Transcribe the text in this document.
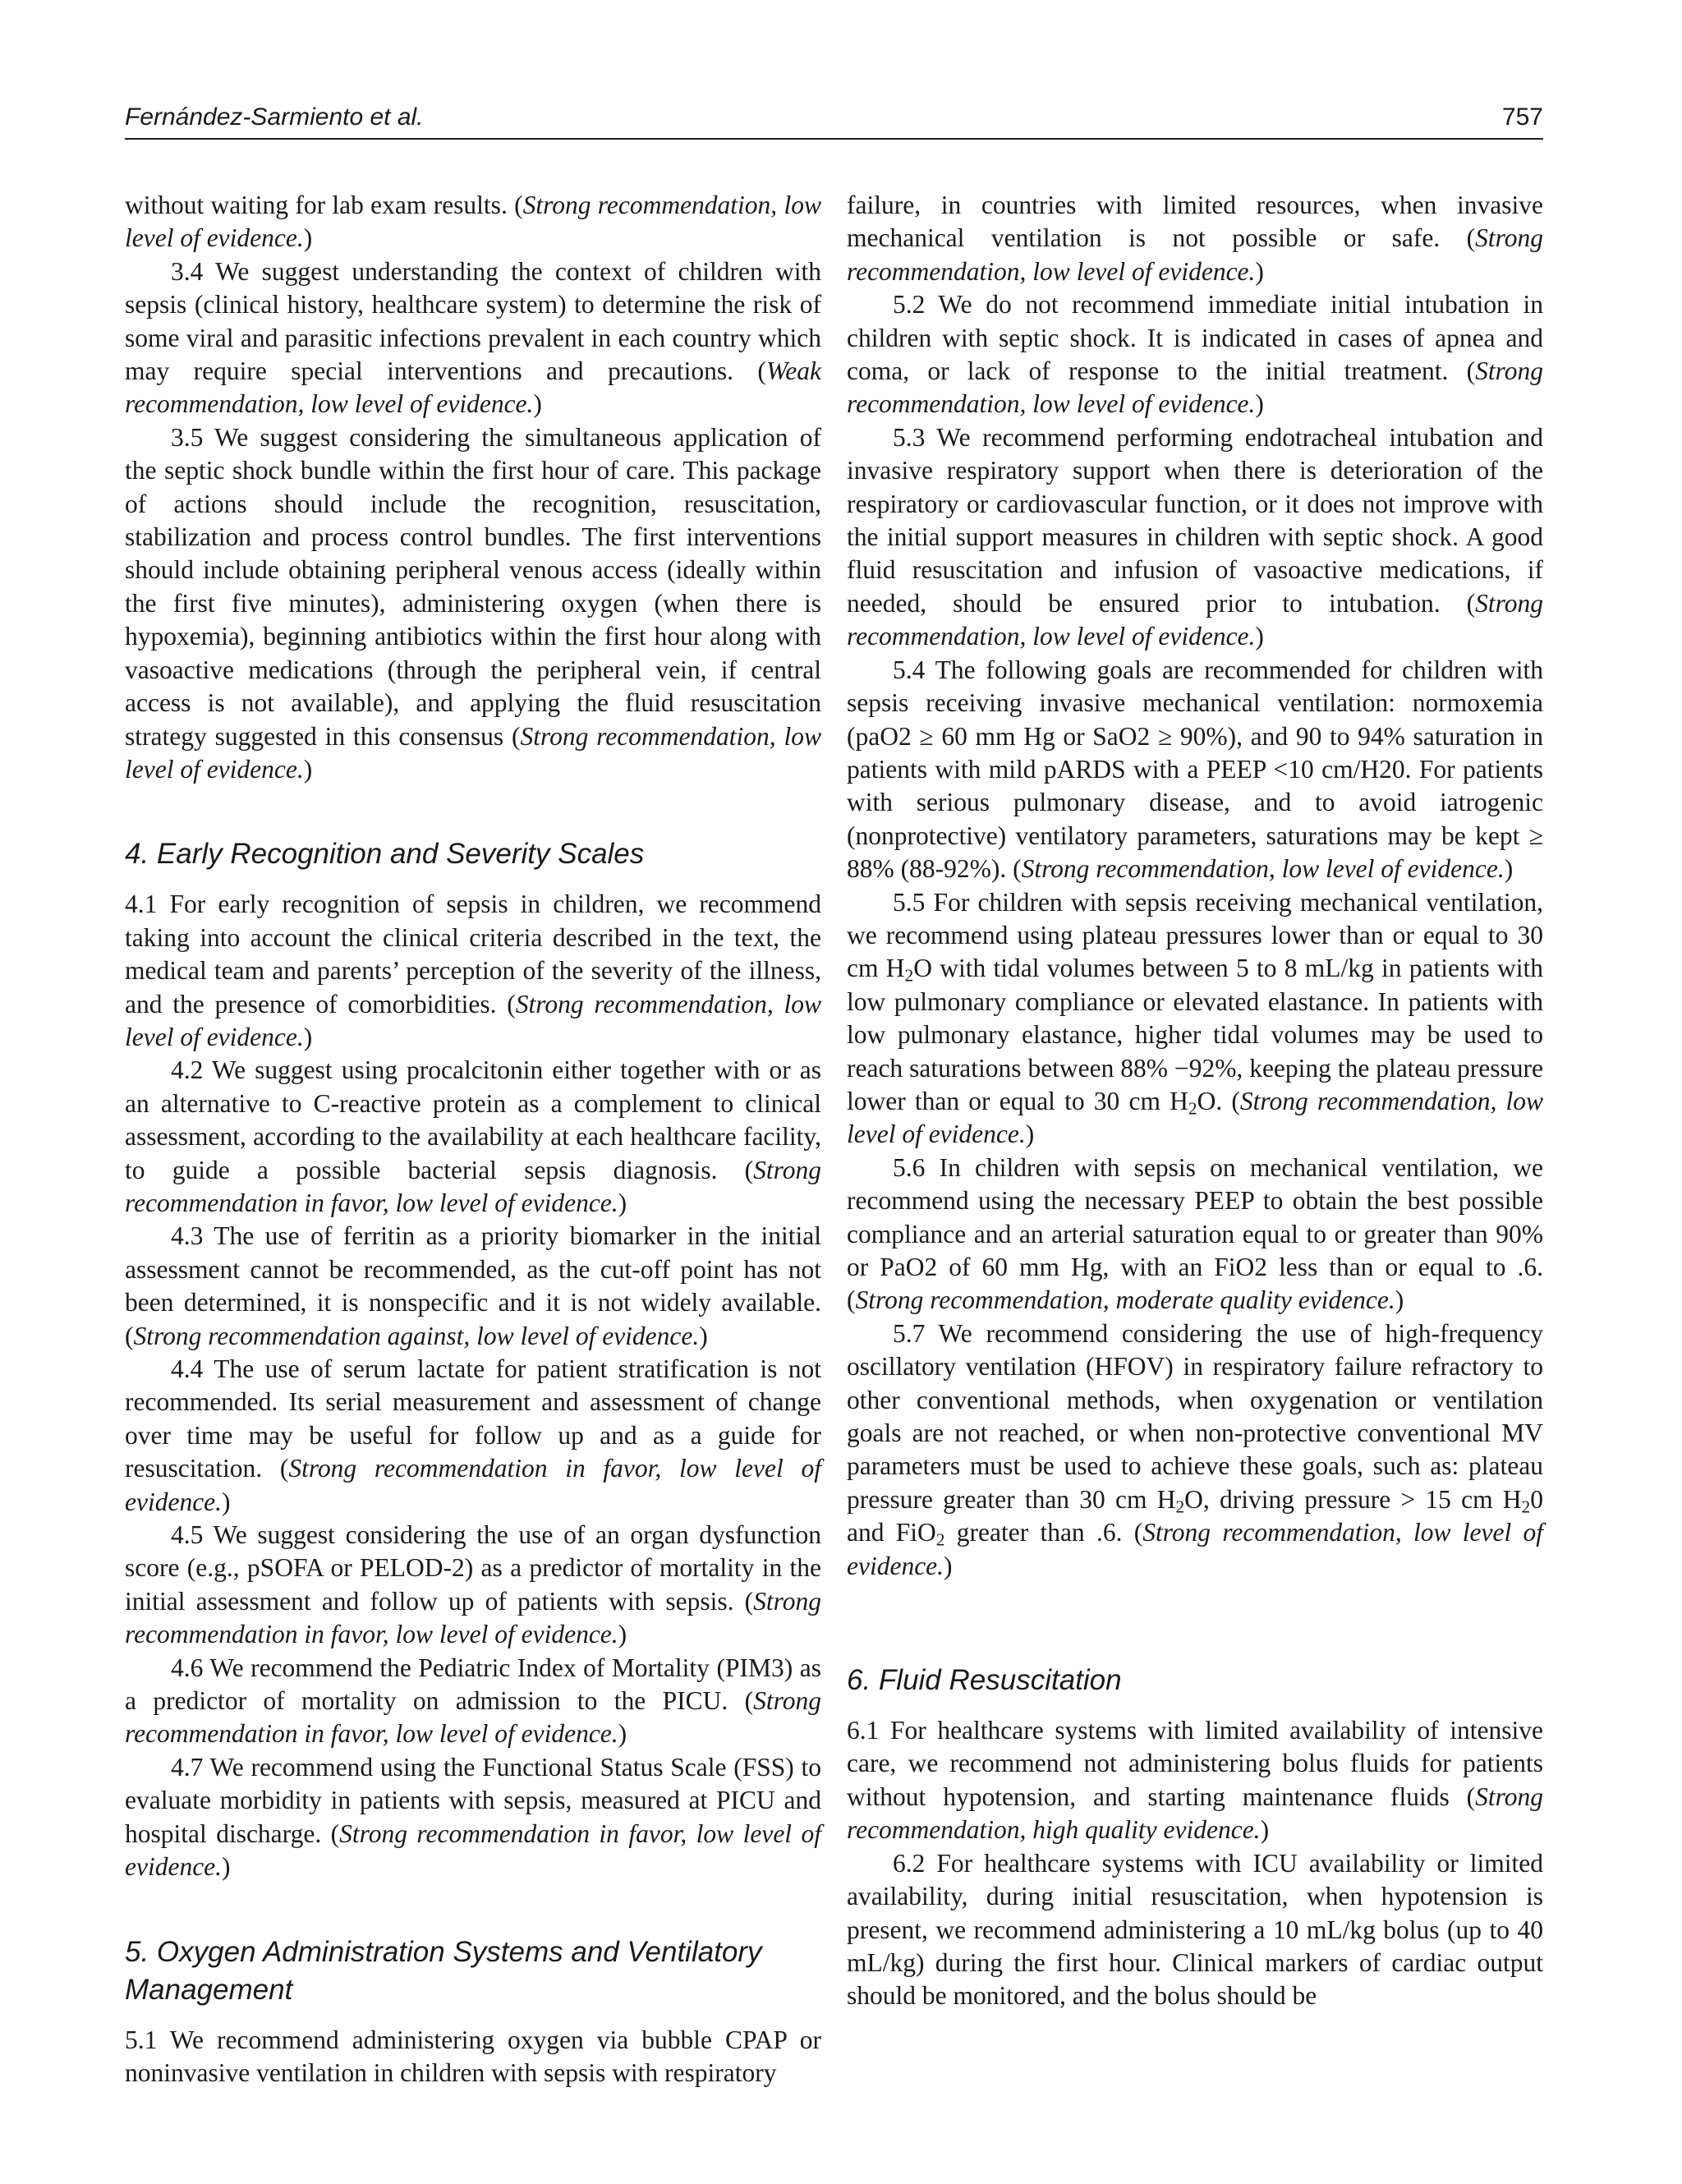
Fernández-Sarmiento et al.	757

without waiting for lab exam results. (Strong recommendation, low level of evidence.)

3.4 We suggest understanding the context of children with sepsis (clinical history, healthcare system) to determine the risk of some viral and parasitic infections prevalent in each country which may require special interventions and precautions. (Weak recommendation, low level of evidence.)

3.5 We suggest considering the simultaneous application of the septic shock bundle within the first hour of care. This package of actions should include the recognition, resuscitation, stabilization and process control bundles. The first interventions should include obtaining peripheral venous access (ideally within the first five minutes), administering oxygen (when there is hypoxemia), beginning antibiotics within the first hour along with vasoactive medications (through the peripheral vein, if central access is not available), and applying the fluid resuscitation strategy suggested in this consensus (Strong recommendation, low level of evidence.)

4. Early Recognition and Severity Scales

4.1 For early recognition of sepsis in children, we recommend taking into account the clinical criteria described in the text, the medical team and parents’ perception of the severity of the illness, and the presence of comorbidities. (Strong recommendation, low level of evidence.)

4.2 We suggest using procalcitonin either together with or as an alternative to C-reactive protein as a complement to clinical assessment, according to the availability at each healthcare facility, to guide a possible bacterial sepsis diagnosis. (Strong recommendation in favor, low level of evidence.)

4.3 The use of ferritin as a priority biomarker in the initial assessment cannot be recommended, as the cut-off point has not been determined, it is nonspecific and it is not widely available. (Strong recommendation against, low level of evidence.)

4.4 The use of serum lactate for patient stratification is not recommended. Its serial measurement and assessment of change over time may be useful for follow up and as a guide for resuscitation. (Strong recommendation in favor, low level of evidence.)

4.5 We suggest considering the use of an organ dysfunction score (e.g., pSOFA or PELOD-2) as a predictor of mortality in the initial assessment and follow up of patients with sepsis. (Strong recommendation in favor, low level of evidence.)

4.6 We recommend the Pediatric Index of Mortality (PIM3) as a predictor of mortality on admission to the PICU. (Strong recommendation in favor, low level of evidence.)

4.7 We recommend using the Functional Status Scale (FSS) to evaluate morbidity in patients with sepsis, measured at PICU and hospital discharge. (Strong recommendation in favor, low level of evidence.)

5. Oxygen Administration Systems and Ventilatory Management

5.1 We recommend administering oxygen via bubble CPAP or noninvasive ventilation in children with sepsis with respiratory

failure, in countries with limited resources, when invasive mechanical ventilation is not possible or safe. (Strong recommendation, low level of evidence.)

5.2 We do not recommend immediate initial intubation in children with septic shock. It is indicated in cases of apnea and coma, or lack of response to the initial treatment. (Strong recommendation, low level of evidence.)

5.3 We recommend performing endotracheal intubation and invasive respiratory support when there is deterioration of the respiratory or cardiovascular function, or it does not improve with the initial support measures in children with septic shock. A good fluid resuscitation and infusion of vasoactive medications, if needed, should be ensured prior to intubation. (Strong recommendation, low level of evidence.)

5.4 The following goals are recommended for children with sepsis receiving invasive mechanical ventilation: normoxemia (paO2 ≥ 60 mm Hg or SaO2 ≥ 90%), and 90 to 94% saturation in patients with mild pARDS with a PEEP <10 cm/H20. For patients with serious pulmonary disease, and to avoid iatrogenic (nonprotective) ventilatory parameters, saturations may be kept ≥ 88% (88-92%). (Strong recommendation, low level of evidence.)

5.5 For children with sepsis receiving mechanical ventilation, we recommend using plateau pressures lower than or equal to 30 cm $H_2O$ with tidal volumes between 5 to 8 mL/kg in patients with low pulmonary compliance or elevated elastance. In patients with low pulmonary elastance, higher tidal volumes may be used to reach saturations between 88% −92%, keeping the plateau pressure lower than or equal to 30 cm $H_2O$. (Strong recommendation, low level of evidence.)

5.6 In children with sepsis on mechanical ventilation, we recommend using the necessary PEEP to obtain the best possible compliance and an arterial saturation equal to or greater than 90% or PaO2 of 60 mm Hg, with an FiO2 less than or equal to .6. (Strong recommendation, moderate quality evidence.)

5.7 We recommend considering the use of high-frequency oscillatory ventilation (HFOV) in respiratory failure refractory to other conventional methods, when oxygenation or ventilation goals are not reached, or when non-protective conventional MV parameters must be used to achieve these goals, such as: plateau pressure greater than 30 cm $H_2O$, driving pressure > 15 cm $H_20$ and FiO$_2$ greater than .6. (Strong recommendation, low level of evidence.)

6. Fluid Resuscitation

6.1 For healthcare systems with limited availability of intensive care, we recommend not administering bolus fluids for patients without hypotension, and starting maintenance fluids (Strong recommendation, high quality evidence.)

6.2 For healthcare systems with ICU availability or limited availability, during initial resuscitation, when hypotension is present, we recommend administering a 10 mL/kg bolus (up to 40 mL/kg) during the first hour. Clinical markers of cardiac output should be monitored, and the bolus should be
